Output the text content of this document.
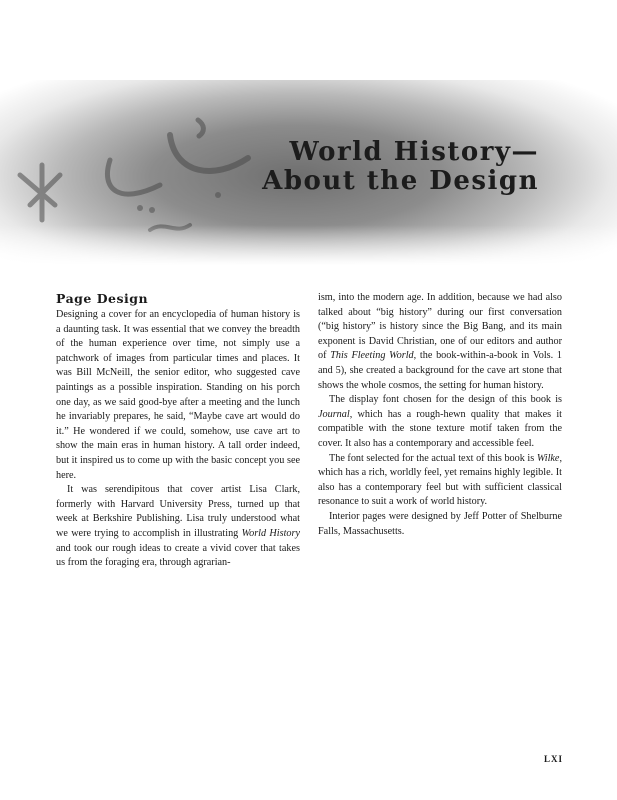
World History—
About the Design
Page Design

Designing a cover for an encyclopedia of human history is a daunting task. It was essential that we convey the breadth of the human experience over time, not simply use a patchwork of images from particular times and places. It was Bill McNeill, the senior editor, who suggested cave paintings as a possible inspiration. Standing on his porch one day, as we said good-bye after a meeting and the lunch he invariably prepares, he said, “Maybe cave art would do it.” He wondered if we could, somehow, use cave art to show the main eras in human history. A tall order indeed, but it inspired us to come up with the basic concept you see here.

It was serendipitous that cover artist Lisa Clark, formerly with Harvard University Press, turned up that week at Berkshire Publishing. Lisa truly understood what we were trying to accomplish in illustrating World History and took our rough ideas to create a vivid cover that takes us from the foraging era, through agrarian-

ism, into the modern age. In addition, because we had also talked about “big history” during our first conversation (“big history” is history since the Big Bang, and its main exponent is David Christian, one of our editors and author of This Fleeting World, the book-within-a-book in Vols. 1 and 5), she created a background for the cave art stone that shows the whole cosmos, the setting for human history.

The display font chosen for the design of this book is Journal, which has a rough-hewn quality that makes it compatible with the stone texture motif taken from the cover. It also has a contemporary and accessible feel.

The font selected for the actual text of this book is Wilke, which has a rich, worldly feel, yet remains highly legible. It also has a contemporary feel but with sufficient classical resonance to suit a work of world history.

Interior pages were designed by Jeff Potter of Shelburne Falls, Massachusetts.

LXI
